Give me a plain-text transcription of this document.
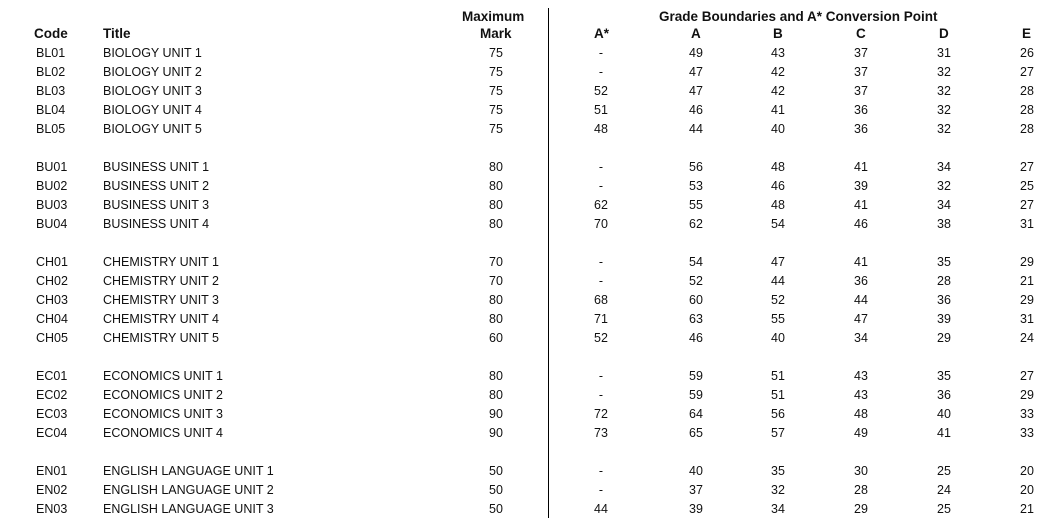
Code	Title
Maximum
Mark
Grade Boundaries and A* Conversion Point
A*	A	B	C	D	E
BL01	BIOLOGY UNIT 1	75	-	49	43	37	31	26
BL02	BIOLOGY UNIT 2	75	-	47	42	37	32	27
BL03	BIOLOGY UNIT 3	75	52	47	42	37	32	28
BL04	BIOLOGY UNIT 4	75	51	46	41	36	32	28
BL05	BIOLOGY UNIT 5	75	48	44	40	36	32	28
BU01	BUSINESS UNIT 1	80	-	56	48	41	34	27
BU02	BUSINESS UNIT 2	80	-	53	46	39	32	25
BU03	BUSINESS UNIT 3	80	62	55	48	41	34	27
BU04	BUSINESS UNIT 4	80	70	62	54	46	38	31
CH01	CHEMISTRY UNIT 1	70	-	54	47	41	35	29
CH02	CHEMISTRY UNIT 2	70	-	52	44	36	28	21
CH03	CHEMISTRY UNIT 3	80	68	60	52	44	36	29
CH04	CHEMISTRY UNIT 4	80	71	63	55	47	39	31
CH05	CHEMISTRY UNIT 5	60	52	46	40	34	29	24
EC01	ECONOMICS UNIT 1	80	-	59	51	43	35	27
EC02	ECONOMICS UNIT 2	80	-	59	51	43	36	29
EC03	ECONOMICS UNIT 3	90	72	64	56	48	40	33
EC04	ECONOMICS UNIT 4	90	73	65	57	49	41	33
EN01	ENGLISH LANGUAGE UNIT 1	50	-	40	35	30	25	20
EN02	ENGLISH LANGUAGE UNIT 2	50	-	37	32	28	24	20
EN03	ENGLISH LANGUAGE UNIT 3	50	44	39	34	29	25	21
